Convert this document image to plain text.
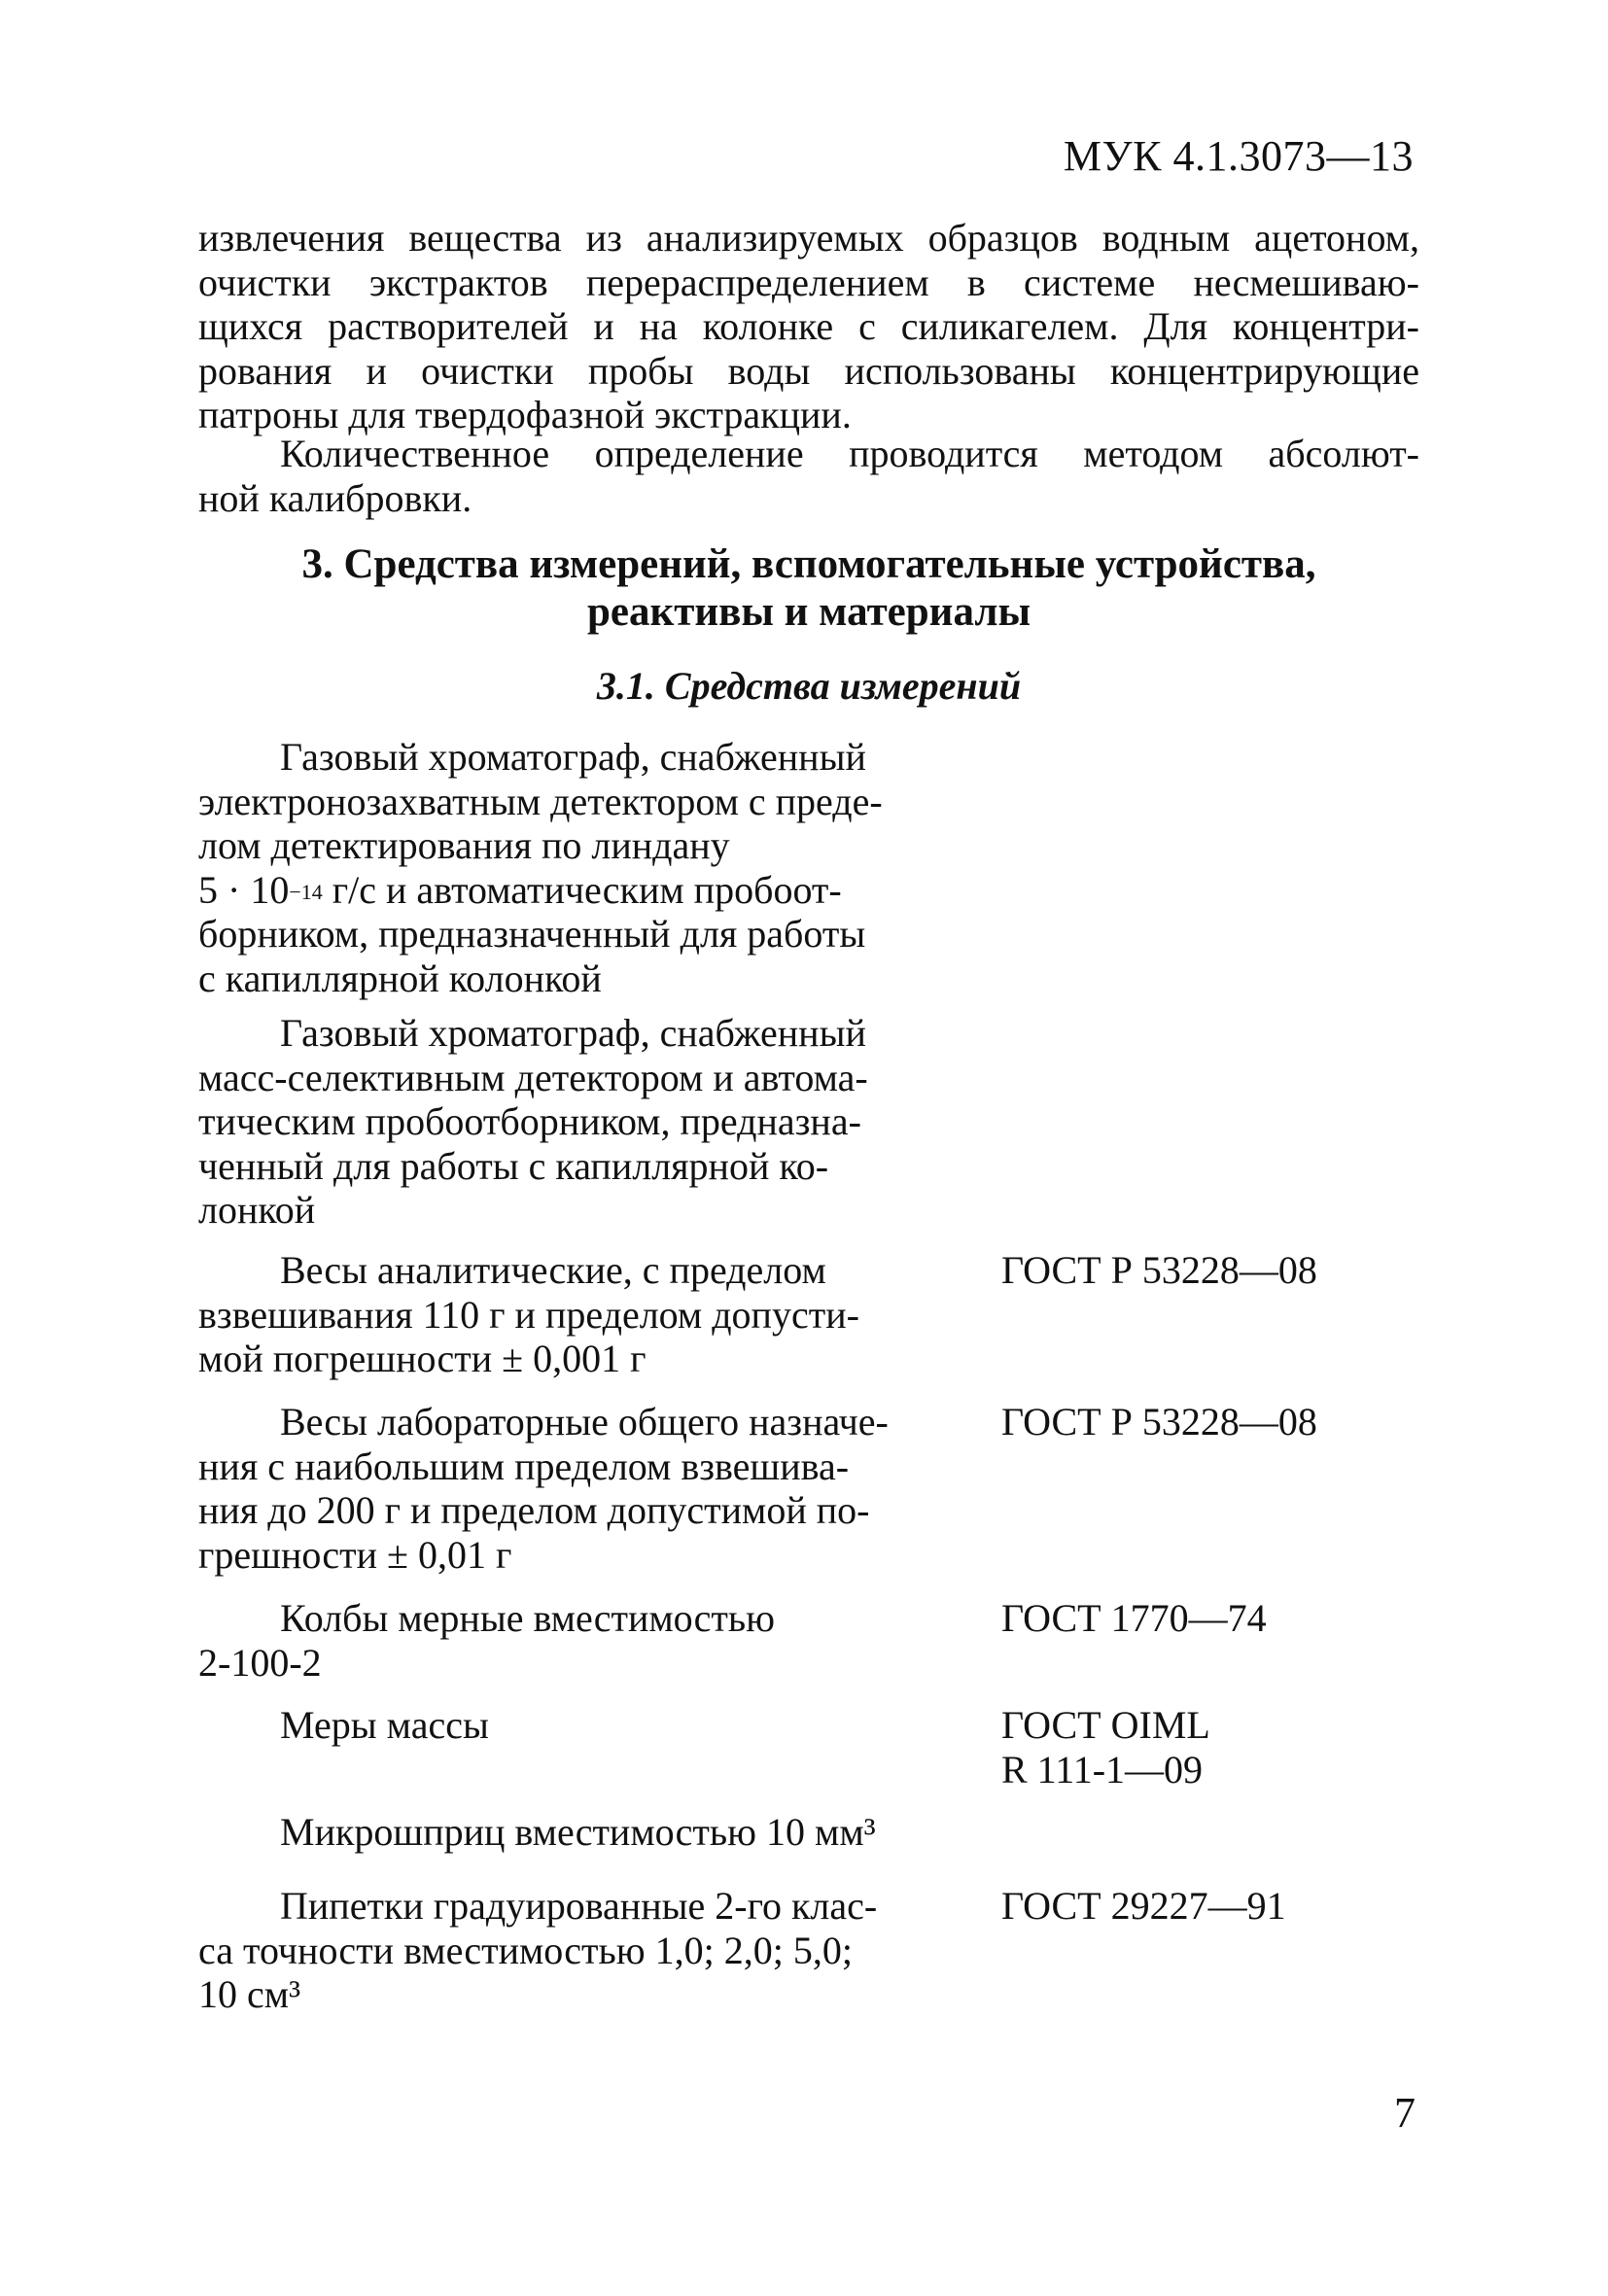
МУК 4.1.3073—13
извлечения вещества из анализируемых образцов водным ацетоном,
очистки экстрактов перераспределением в системе несмешиваю-
щихся растворителей и на колонке с силикагелем. Для концентри-
рования и очистки пробы воды использованы концентрирующие
патроны для твердофазной экстракции.
Количественное определение проводится методом абсолют-
ной калибровки.
3. Средства измерений, вспомогательные устройства,
реактивы и материалы
3.1. Средства измерений
Газовый хроматограф, снабженный
электронозахватным детектором с преде-
лом детектирования по линдану
$5 \cdot 10^{-14}$ г/с и автоматическим пробоот-
борником, предназначенный для работы
с капиллярной колонкой
Газовый хроматограф, снабженный
масс-селективным детектором и автома-
тическим пробоотборником, предназна-
ченный для работы с капиллярной ко-
лонкой
Весы аналитические, с пределом
взвешивания 110 г и пределом допусти-
мой погрешности ± 0,001 г
ГОСТ Р 53228—08
Весы лабораторные общего назначе-
ния с наибольшим пределом взвешива-
ния до 200 г и пределом допустимой по-
грешности ± 0,01 г
ГОСТ Р 53228—08
Колбы мерные вместимостью
2-100-2
ГОСТ 1770—74
Меры массы	ГОСТ OIML
R 111-1—09
Микрошприц вместимостью 10 мм³
Пипетки градуированные 2-го клас-
са точности вместимостью 1,0; 2,0; 5,0;
10 см³
ГОСТ 29227—91
7
